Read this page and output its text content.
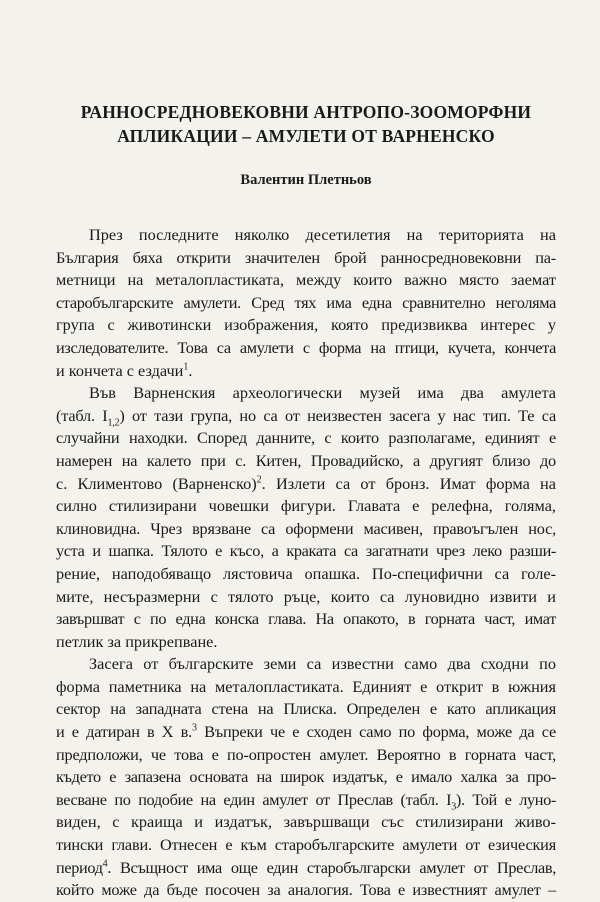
РАННОСРЕДНОВЕКОВНИ АНТРОПО-ЗООМОРФНИ
АПЛИКАЦИИ – АМУЛЕТИ ОТ ВАРНЕНСКО

Валентин Плетньов

През последните няколко десетилетия на територията на
България бяха открити значителен брой ранносредновековни па-
метници на металопластиката, между които важно място заемат
старобългарските амулети. Сред тях има една сравнително неголяма
група с животински изображения, която предизвиква интерес у
изследователите. Това са амулети с форма на птици, кучета, кончета
и кончета с ездачи$^1$.

Във Варненския археологически музей има два амулета
(табл. $I_{1,2}$) от тази група, но са от неизвестен засега у нас тип. Те са
случайни находки. Според данните, с които разполагаме, единият е
намерен на калето при с. Китен, Провадийско, а другият близо до
с. Климентово (Варненско)$^2$. Излети са от бронз. Имат форма на
силно стилизирани човешки фигури. Главата е релефна, голяма,
клиновидна. Чрез врязване са оформени масивен, правоъгълен нос,
уста и шапка. Тялото е късо, а краката са загатнати чрез леко разши-
рение, наподобяващо лястовича опашка. По-специфични са голе-
мите, несъразмерни с тялото ръце, които са луновидно извити и
завършват с по една конска глава. На опакото, в горната част, имат
петлик за прикрепване.

Засега от българските земи са известни само два сходни по
форма паметника на металопластиката. Единият е открит в южния
сектор на западната стена на Плиска. Определен е като апликация
и е датиран в X в.$^3$ Въпреки че е сходен само по форма, може да се
предположи, че това е по-опростен амулет. Вероятно в горната част,
където е запазена основата на широк издатък, е имало халка за про-
весване по подобие на един амулет от Преслав (табл. $I_3$). Той е луно-
виден, с краища и издатък, завършващи със стилизирани живо-
тински глави. Отнесен е към старобългарските амулети от езическия
период$^4$. Всъщност има още един старобългарски амулет от Преслав,
който може да бъде посочен за аналогия. Това е известният амулет –
